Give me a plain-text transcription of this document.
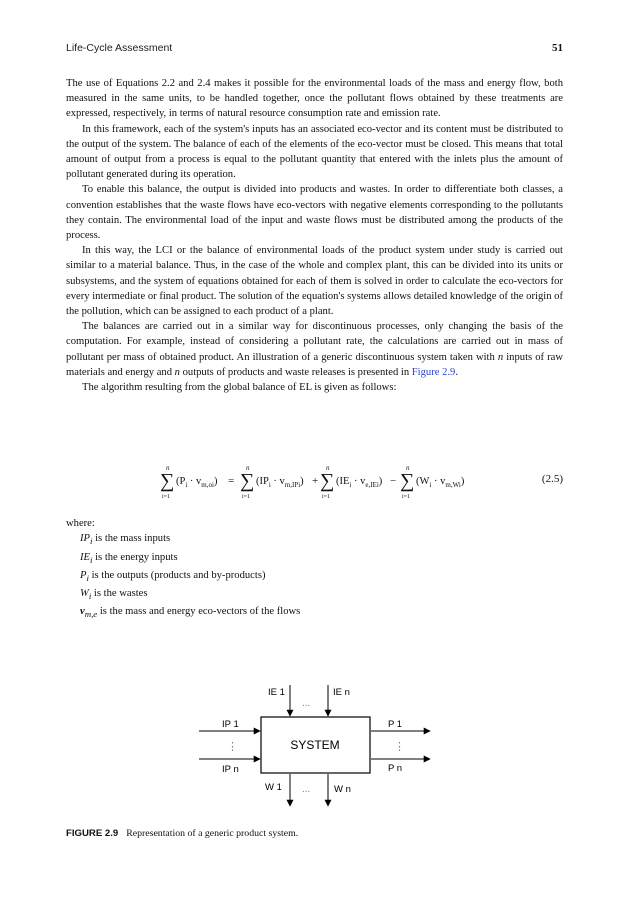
Life-Cycle Assessment	51

The use of Equations 2.2 and 2.4 makes it possible for the environmental loads of the mass and energy flow, both measured in the same units, to be handled together, once the pollutant flows obtained by these treatments are expressed, respectively, in terms of natural resource consumption rate and emission rate.

In this framework, each of the system's inputs has an associated eco-vector and its content must be distributed to the output of the system. The balance of each of the elements of the eco-vector must be closed. This means that total amount of output from a process is equal to the pollutant quantity that entered with the inlets plus the amount of pollutant generated during its operation.

To enable this balance, the output is divided into products and wastes. In order to differentiate both classes, a convention establishes that the waste flows have eco-vectors with negative elements corresponding to the pollutants they contain. The environmental load of the input and waste flows must be distributed among the products of the process.

In this way, the LCI or the balance of environmental loads of the product system under study is carried out similar to a material balance. Thus, in the case of the whole and complex plant, this can be divided into its units or subsystems, and the system of equations obtained for each of them is solved in order to calculate the eco-vectors for every intermediate or final product. The solution of the equation's systems allows detailed knowledge of the origin of the pollution, which can be assigned to each product of a plant.

The balances are carried out in a similar way for discontinuous processes, only changing the basis of the computation. For example, instead of considering a pollutant rate, the calculations are carried out in mass of pollutant per mass of obtained product. An illustration of a generic discontinuous system taken with n inputs of raw materials and energy and n outputs of products and waste releases is presented in Figure 2.9.

The algorithm resulting from the global balance of EL is given as follows:

n
∑
i=1
$(P_i \cdot v_{m,oi})$ =
n
∑
i=1
$(IP_i \cdot v_{m,IPi})$ +
n
∑
i=1
$(IE_i \cdot v_{e,IEi})$ −
n
∑
i=1
$(W_i \cdot v_{m,Wi})$	(2.5)
where:
$IP_i$ is the mass inputs
$IE_i$ is the energy inputs
$P_i$ is the outputs (products and by-products)
$W_i$ is the wastes
$v_{m,e}$ is the mass and energy eco-vectors of the flows
SYSTEM
IE 1	IE n
...
IP 1
IP n
⋮
P 1
P n
⋮
W 1	W n
...
FIGURE 2.9 Representation of a generic product system.
